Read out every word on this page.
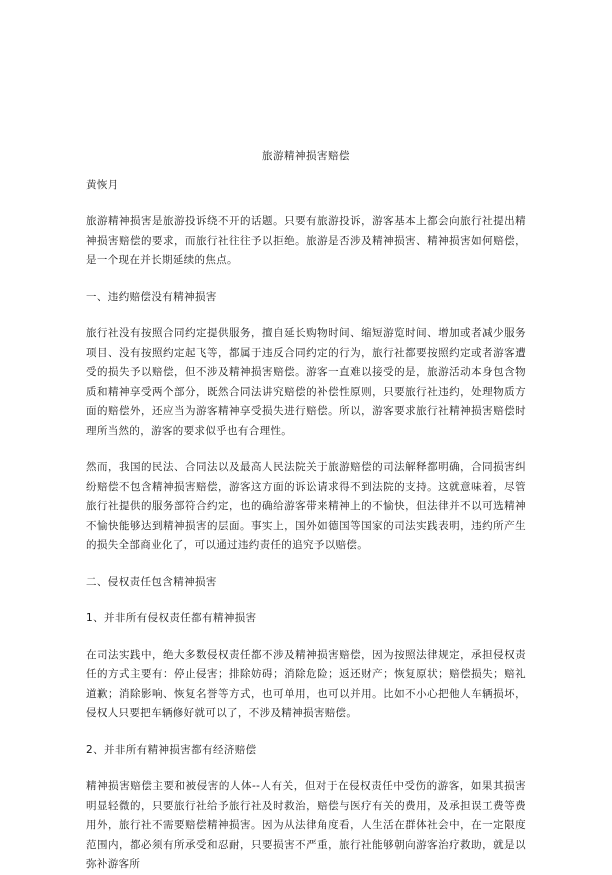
旅游精神损害赔偿
黄恢月

旅游精神损害是旅游投诉绕不开的话题。只要有旅游投诉，游客基本上都会向旅行社提出精神损害赔偿的要求，而旅行社往往予以拒绝。旅游是否涉及精神损害、精神损害如何赔偿，是一个现在并长期延续的焦点。

一、违约赔偿没有精神损害

旅行社没有按照合同约定提供服务，擅自延长购物时间、缩短游览时间、增加或者减少服务项目、没有按照约定起飞等，都属于违反合同约定的行为，旅行社都要按照约定或者游客遭受的损失予以赔偿，但不涉及精神损害赔偿。游客一直难以接受的是，旅游活动本身包含物质和精神享受两个部分，既然合同法讲究赔偿的补偿性原则，只要旅行社违约，处理物质方面的赔偿外，还应当为游客精神享受损失进行赔偿。所以，游客要求旅行社精神损害赔偿时理所当然的，游客的要求似乎也有合理性。

然而，我国的民法、合同法以及最高人民法院关于旅游赔偿的司法解释都明确，合同损害纠纷赔偿不包含精神损害赔偿，游客这方面的诉讼请求得不到法院的支持。这就意味着，尽管旅行社提供的服务部符合约定，也的确给游客带来精神上的不愉快，但法律并不以可选精神不愉快能够达到精神损害的层面。事实上，国外如德国等国家的司法实践表明，违约所产生的损失全部商业化了，可以通过违约责任的追究予以赔偿。

二、侵权责任包含精神损害

1、并非所有侵权责任都有精神损害

在司法实践中，绝大多数侵权责任都不涉及精神损害赔偿，因为按照法律规定，承担侵权责任的方式主要有：停止侵害；排除妨碍；消除危险；返还财产；恢复原状；赔偿损失；赔礼道歉；消除影响、恢复名誉等方式，也可单用，也可以并用。比如不小心把他人车辆损坏，侵权人只要把车辆修好就可以了，不涉及精神损害赔偿。

2、并非所有精神损害都有经济赔偿

精神损害赔偿主要和被侵害的人体--人有关，但对于在侵权责任中受伤的游客，如果其损害明显轻微的，只要旅行社给予旅行社及时救治，赔偿与医疗有关的费用，及承担误工费等费用外，旅行社不需要赔偿精神损害。因为从法律角度看，人生活在群体社会中，在一定限度范围内，都必须有所承受和忍耐，只要损害不严重，旅行社能够朝向游客治疗救助，就是以弥补游客所
